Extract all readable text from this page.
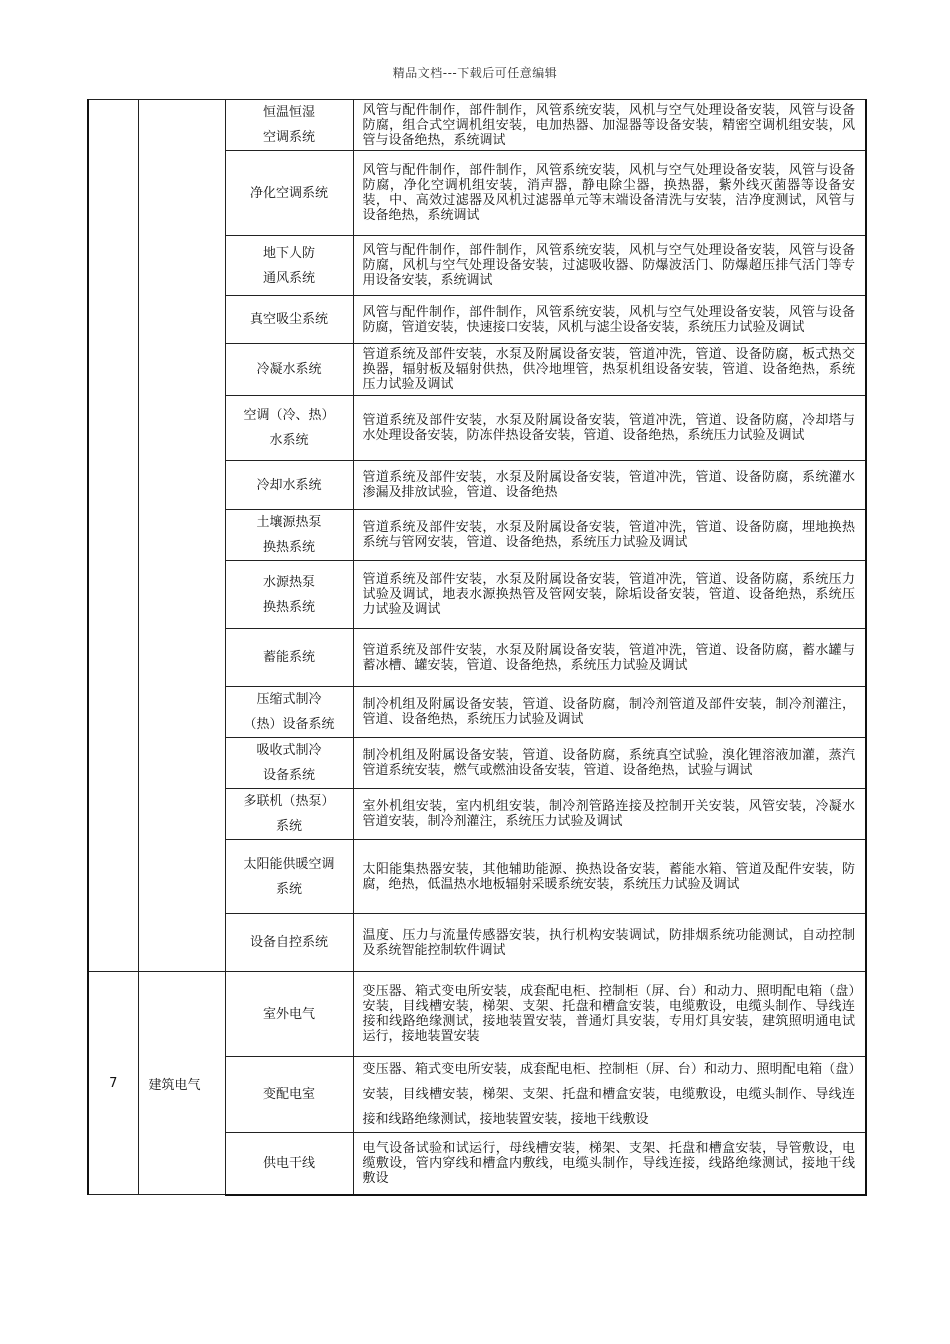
精品文档---下载后可任意编辑

		恒温恒湿
空调系统	风管与配件制作，部件制作，风管系统安装，风机与空气处理设备安装，风管与设备防腐，组合式空调机组安装，电加热器、加湿器等设备安装，精密空调机组安装，风管与设备绝热，系统调试

		净化空调系统	风管与配件制作，部件制作，风管系统安装，风机与空气处理设备安装，风管与设备防腐，净化空调机组安装，消声器，静电除尘器，换热器，紫外线灭菌器等设备安装，中、高效过滤器及风机过滤器单元等末端设备清洗与安装，洁净度测试，风管与设备绝热，系统调试

		地下人防
通风系统	风管与配件制作，部件制作，风管系统安装，风机与空气处理设备安装，风管与设备防腐，风机与空气处理设备安装，过滤吸收器、防爆波活门、防爆超压排气活门等专用设备安装，系统调试

		真空吸尘系统	风管与配件制作，部件制作，风管系统安装，风机与空气处理设备安装，风管与设备防腐，管道安装，快速接口安装，风机与滤尘设备安装，系统压力试验及调试

		冷凝水系统	管道系统及部件安装，水泵及附属设备安装，管道冲洗，管道、设备防腐，板式热交换器，辐射板及辐射供热，供冷地埋管，热泵机组设备安装，管道、设备绝热，系统压力试验及调试

		空调（冷、热）
水系统	管道系统及部件安装，水泵及附属设备安装，管道冲洗，管道、设备防腐，冷却塔与水处理设备安装，防冻伴热设备安装，管道、设备绝热，系统压力试验及调试

		冷却水系统	管道系统及部件安装，水泵及附属设备安装，管道冲洗，管道、设备防腐，系统灌水渗漏及排放试验，管道、设备绝热

		土壤源热泵
换热系统	管道系统及部件安装，水泵及附属设备安装，管道冲洗，管道、设备防腐，埋地换热系统与管网安装，管道、设备绝热，系统压力试验及调试

		水源热泵
换热系统	管道系统及部件安装，水泵及附属设备安装，管道冲洗，管道、设备防腐，系统压力试验及调试，地表水源换热管及管网安装，除垢设备安装，管道、设备绝热，系统压力试验及调试

		蓄能系统	管道系统及部件安装，水泵及附属设备安装，管道冲洗，管道、设备防腐，蓄水罐与蓄冰槽、罐安装，管道、设备绝热，系统压力试验及调试

		压缩式制冷
（热）设备系统	制冷机组及附属设备安装，管道、设备防腐，制冷剂管道及部件安装，制冷剂灌注，管道、设备绝热，系统压力试验及调试

		吸收式制冷
设备系统	制冷机组及附属设备安装，管道、设备防腐，系统真空试验，溴化锂溶液加灌，蒸汽管道系统安装，燃气或燃油设备安装，管道、设备绝热，试验与调试

		多联机（热泵）
系统	室外机组安装，室内机组安装，制冷剂管路连接及控制开关安装，风管安装，冷凝水管道安装，制冷剂灌注，系统压力试验及调试

		太阳能供暖空调
系统	太阳能集热器安装，其他辅助能源、换热设备安装，蓄能水箱、管道及配件安装，防腐，绝热，低温热水地板辐射采暖系统安装，系统压力试验及调试

		设备自控系统	温度、压力与流量传感器安装，执行机构安装调试，防排烟系统功能测试，自动控制及系统智能控制软件调试
7	建筑电气	室外电气	变压器、箱式变电所安装，成套配电柜、控制柜（屏、台）和动力、照明配电箱（盘）安装，目线槽安装，梯架、支架、托盘和槽盒安装，电缆敷设，电缆头制作、导线连接和线路绝缘测试，接地装置安装，普通灯具安装，专用灯具安装，建筑照明通电试运行，接地装置安装

		变配电室	变压器、箱式变电所安装，成套配电柜、控制柜（屏、台）和动力、照明配电箱（盘）安装，目线槽安装，梯架、支架、托盘和槽盒安装，电缆敷设，电缆头制作、导线连接和线路绝缘测试，接地装置安装，接地干线敷设

		供电干线	电气设备试验和试运行，母线槽安装，梯架、支架、托盘和槽盒安装，导管敷设，电缆敷设，管内穿线和槽盒内敷线，电缆头制作，导线连接，线路绝缘测试，接地干线敷设
